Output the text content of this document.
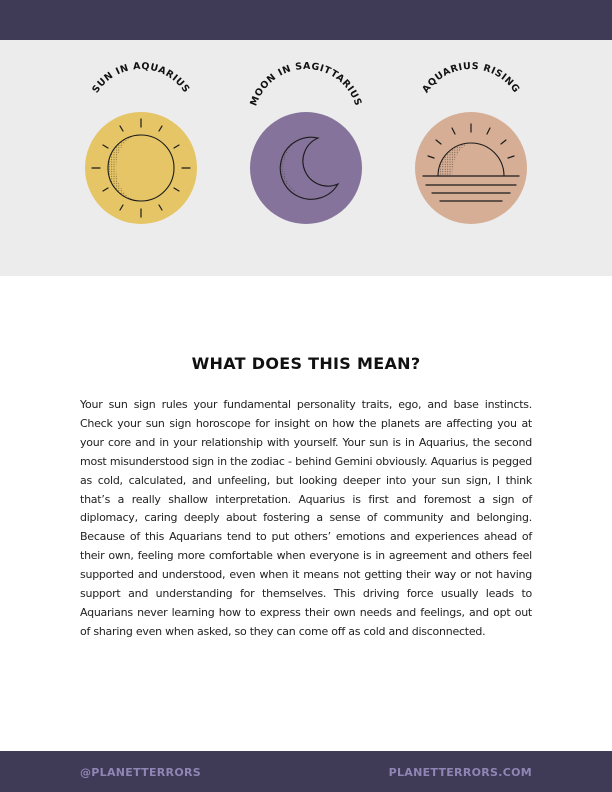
SUN IN AQUARIUS
MOON IN SAGITTARIUS
AQUARIUS RISING
WHAT DOES THIS MEAN?

Your sun sign rules your fundamental personality traits, ego, and base instincts. Check your sun sign horoscope for insight on how the planets are affecting you at your core and in your relationship with yourself. Your sun is in Aquarius, the second most misunderstood sign in the zodiac - behind Gemini obviously. Aquarius is pegged as cold, calculated, and unfeeling, but looking deeper into your sun sign, I think that’s a really shallow interpretation. Aquarius is first and foremost a sign of diplomacy, caring deeply about fostering a sense of community and belonging. Because of this Aquarians tend to put others’ emotions and experiences ahead of their own, feeling more comfortable when everyone is in agreement and others feel supported and understood, even when it means not getting their way or not having support and understanding for themselves. This driving force usually leads to Aquarians never learning how to express their own needs and feelings, and opt out of sharing even when asked, so they can come off as cold and disconnected.

@PLANETTERRORS	PLANETTERRORS.COM
